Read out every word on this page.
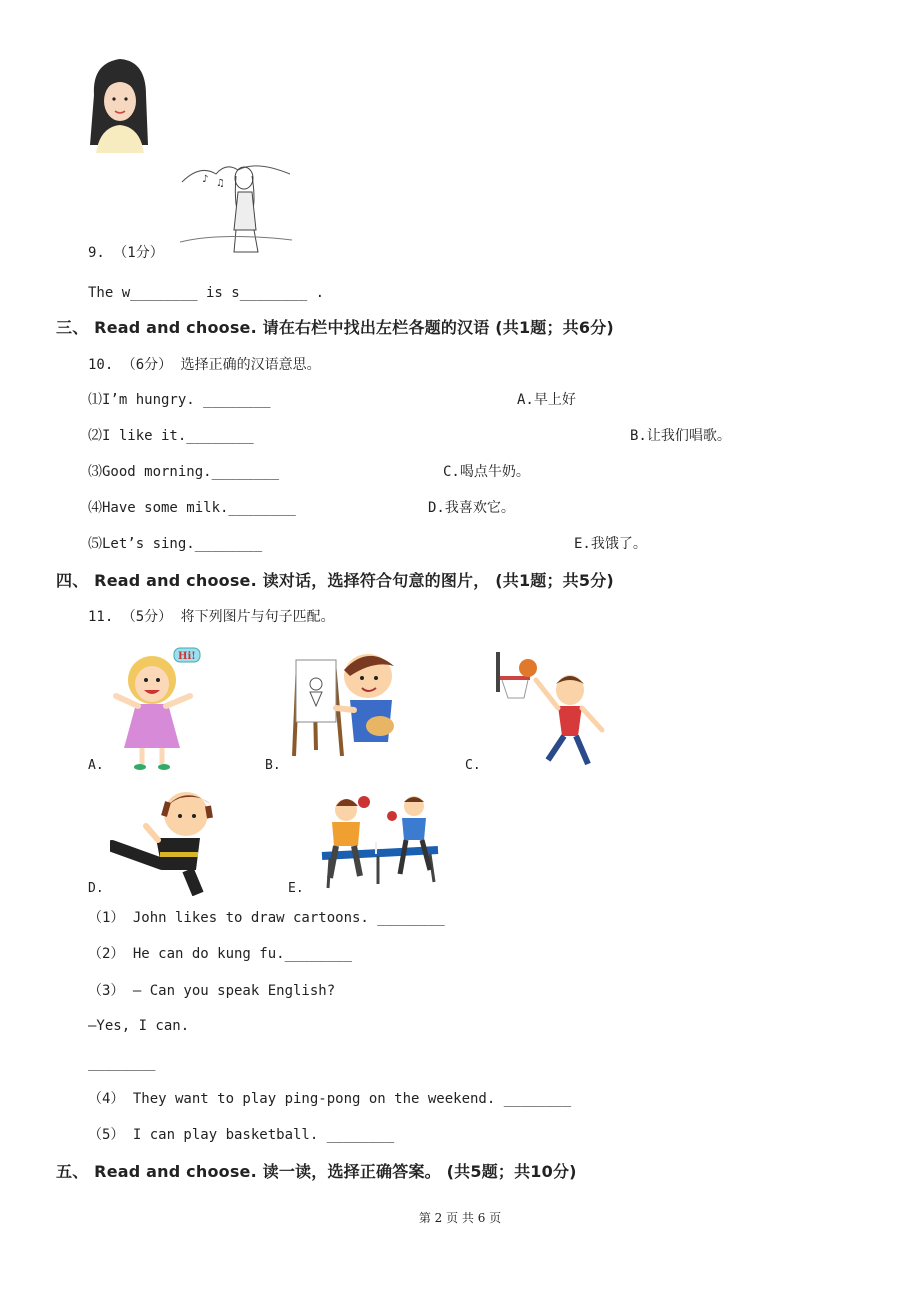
♪ ♫
9. （1分）
The w________ is s________ .
三、 Read and choose. 请在右栏中找出左栏各题的汉语 (共1题；共6分)
10. （6分） 选择正确的汉语意思。
⑴I’m hungry. ________	A.早上好
⑵I like it.________	B.让我们唱歌。
⑶Good morning.________	C.喝点牛奶。
⑷Have some milk.________	D.我喜欢它。
⑸Let’s sing.________	E.我饿了。
四、 Read and choose. 读对话，选择符合句意的图片， (共1题；共5分)
11. （5分） 将下列图片与句子匹配。
Hi!
A.	B.	C.
D.	E.
（1） John likes to draw cartoons. ________
（2） He can do kung fu.________
（3） — Can you speak English?
—Yes, I can.
________
（4） They want to play ping-pong on the weekend. ________
（5） I can play basketball. ________
五、 Read and choose. 读一读，选择正确答案。 (共5题；共10分)
第 2 页 共 6 页
